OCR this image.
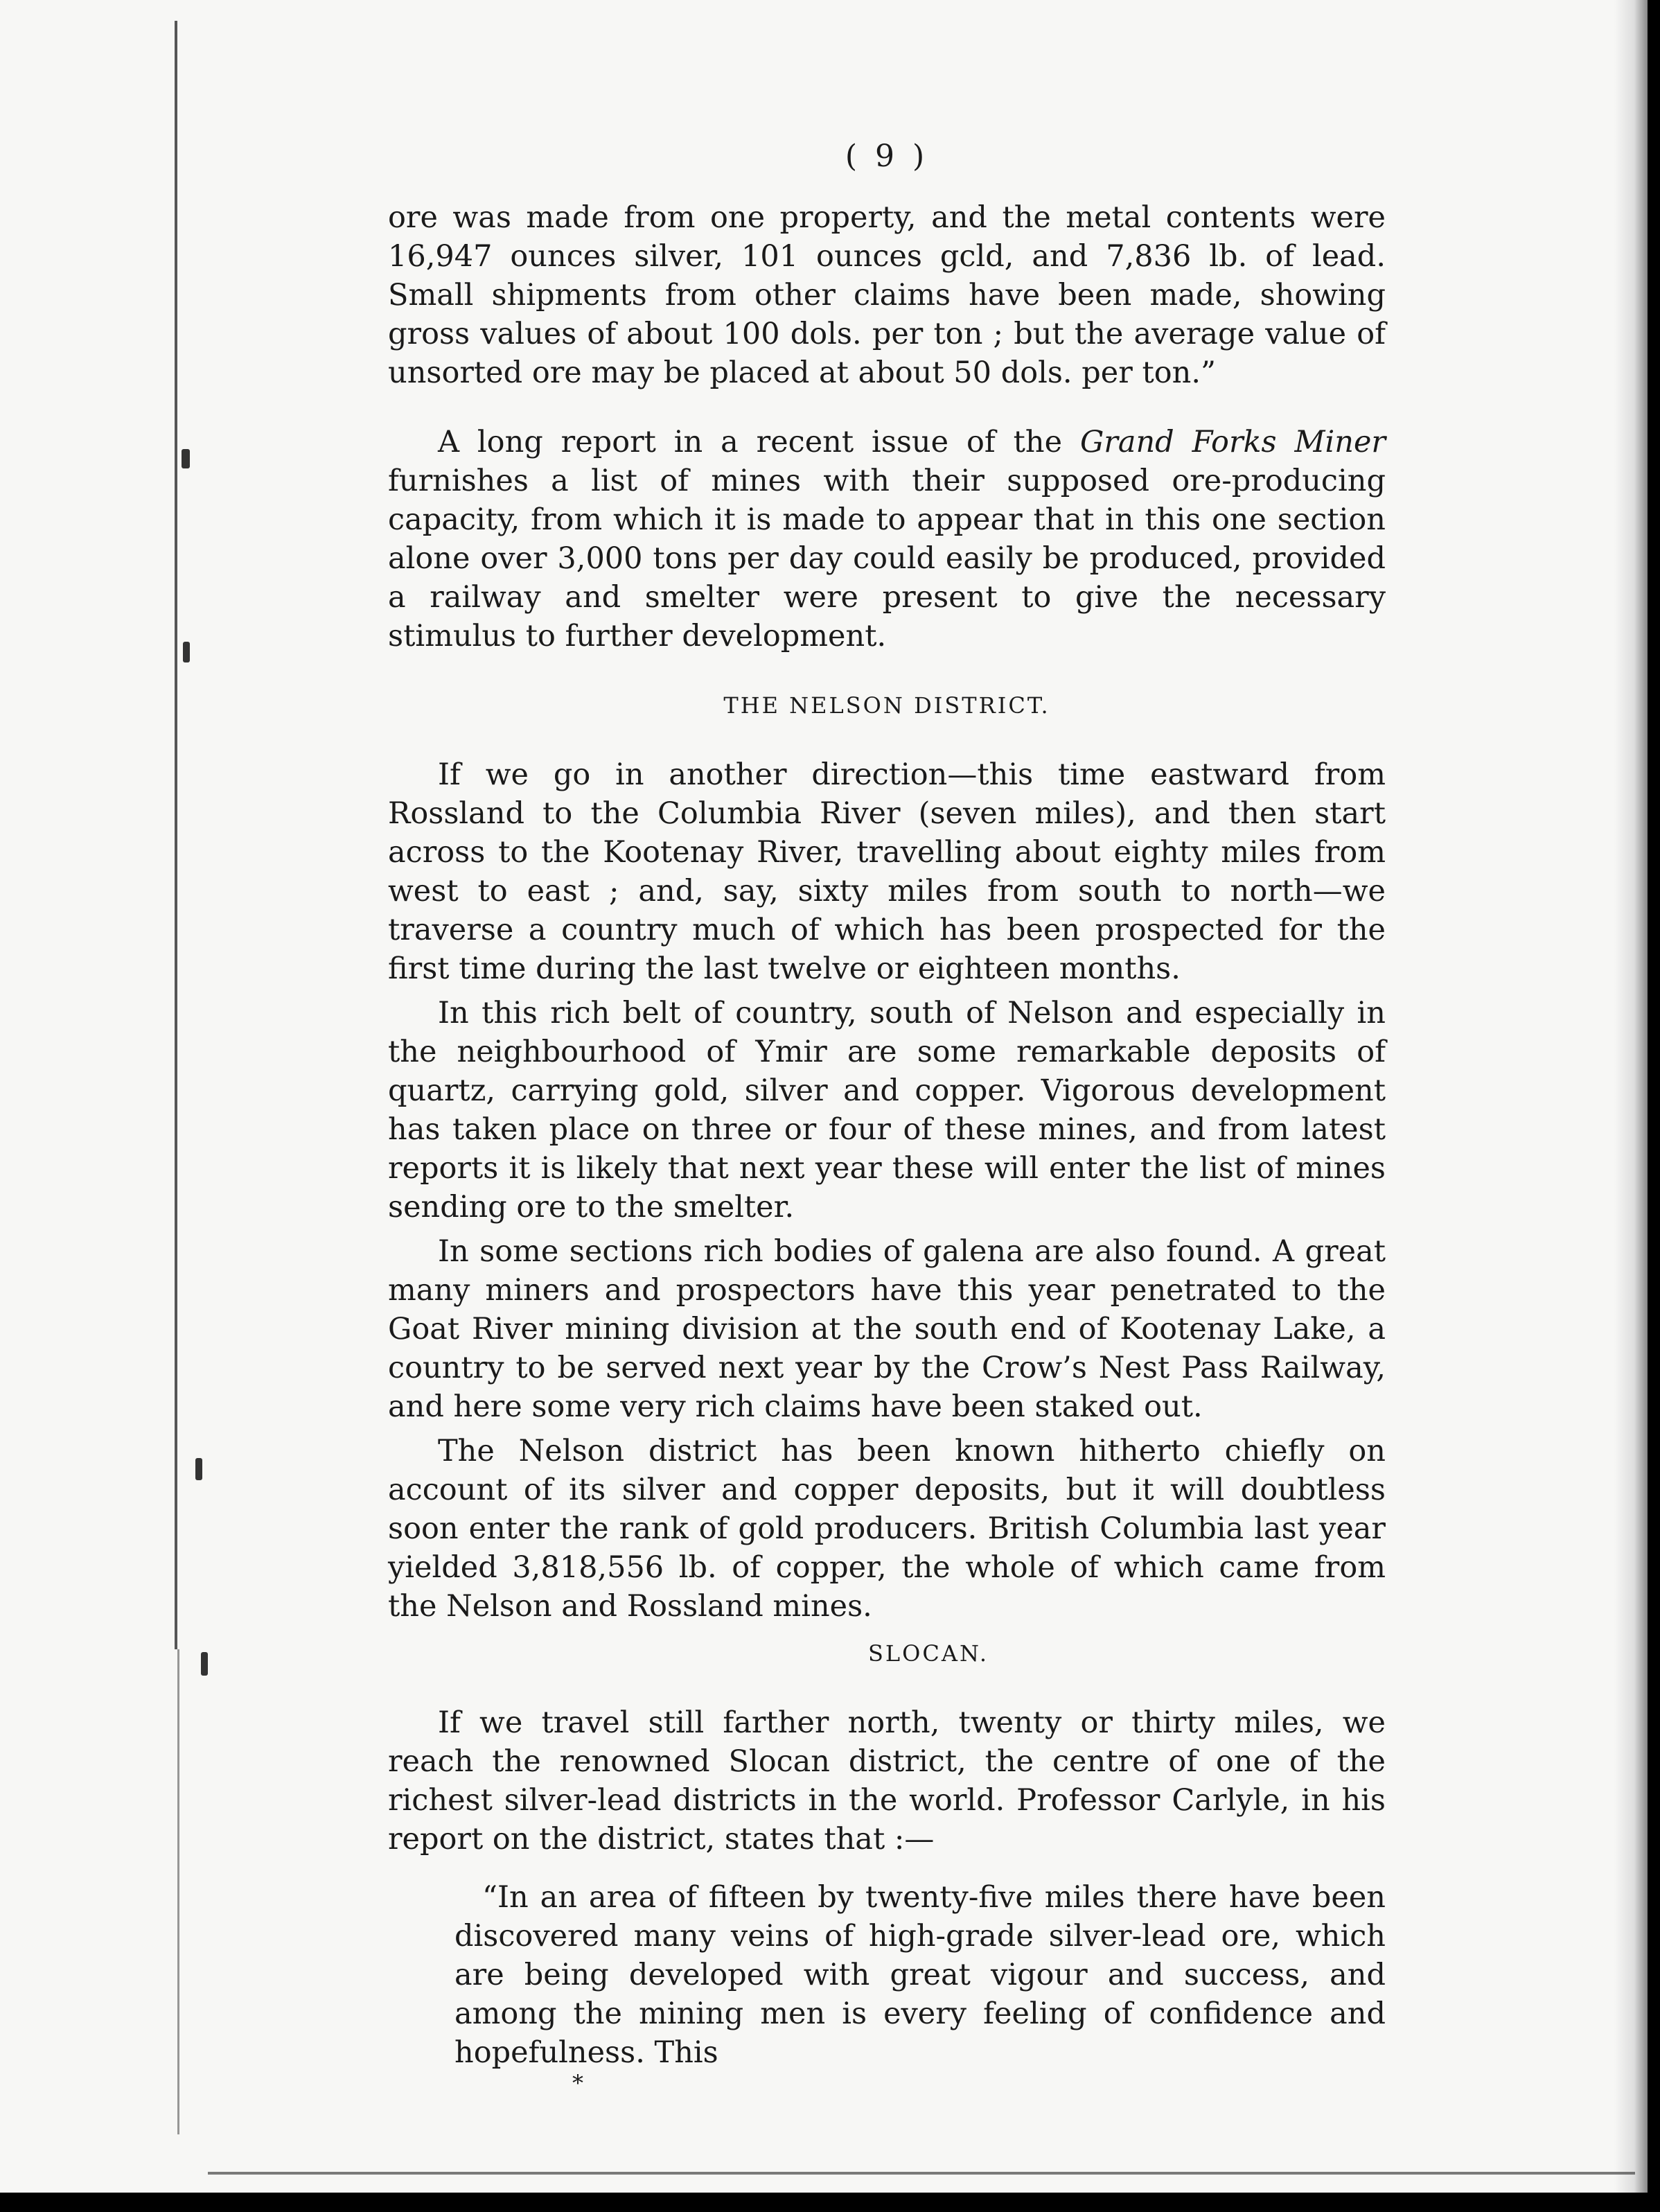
( 9 )

ore was made from one property, and the metal contents were 16,947 ounces silver, 101 ounces gcld, and 7,836 lb. of lead. Small shipments from other claims have been made, showing gross values of about 100 dols. per ton ; but the average value of unsorted ore may be placed at about 50 dols. per ton.”

A long report in a recent issue of the Grand Forks Miner furnishes a list of mines with their supposed ore-producing capacity, from which it is made to appear that in this one section alone over 3,000 tons per day could easily be produced, provided a railway and smelter were present to give the necessary stimulus to further development.

THE NELSON DISTRICT.

If we go in another direction—this time eastward from Rossland to the Columbia River (seven miles), and then start across to the Kootenay River, travelling about eighty miles from west to east ; and, say, sixty miles from south to north—we traverse a country much of which has been prospected for the first time during the last twelve or eighteen months.

In this rich belt of country, south of Nelson and especially in the neighbourhood of Ymir are some remarkable deposits of quartz, carrying gold, silver and copper. Vigorous development has taken place on three or four of these mines, and from latest reports it is likely that next year these will enter the list of mines sending ore to the smelter.

In some sections rich bodies of galena are also found. A great many miners and prospectors have this year penetrated to the Goat River mining division at the south end of Kootenay Lake, a country to be served next year by the Crow’s Nest Pass Railway, and here some very rich claims have been staked out.

The Nelson district has been known hitherto chiefly on account of its silver and copper deposits, but it will doubtless soon enter the rank of gold producers. British Columbia last year yielded 3,818,556 lb. of copper, the whole of which came from the Nelson and Rossland mines.

SLOCAN.

If we travel still farther north, twenty or thirty miles, we reach the renowned Slocan district, the centre of one of the richest silver-lead districts in the world. Professor Carlyle, in his report on the district, states that :—

“In an area of fifteen by twenty-five miles there have been discovered many veins of high-grade silver-lead ore, which are being developed with great vigour and success, and among the mining men is every feeling of confidence and hopefulness. This

*
